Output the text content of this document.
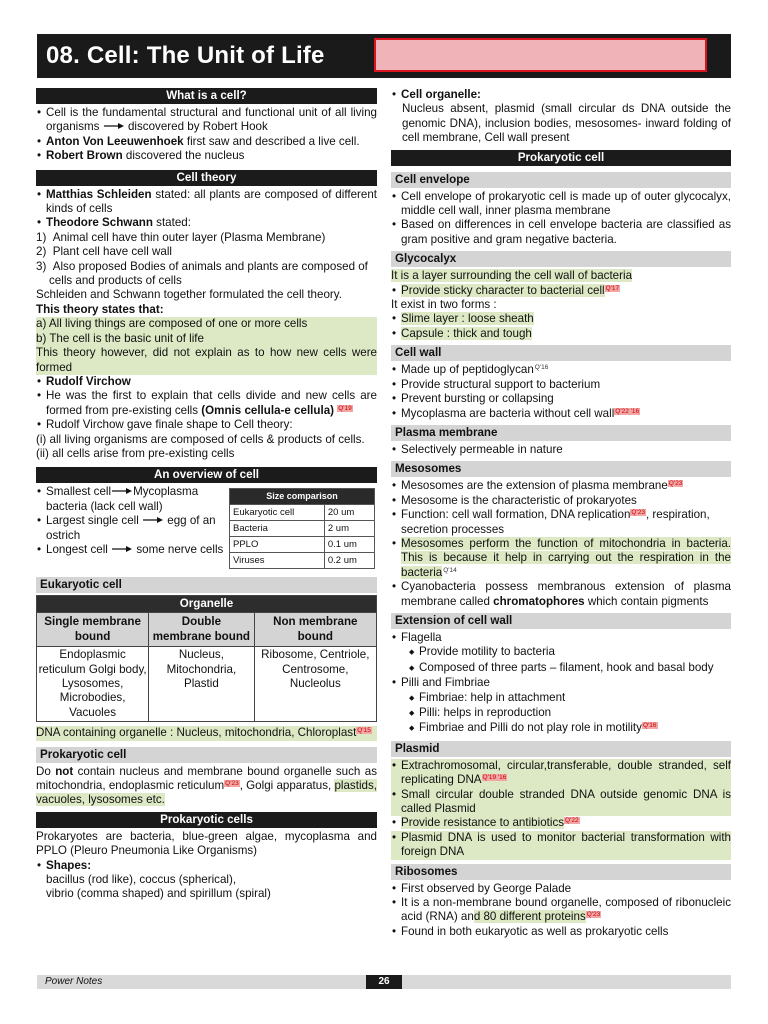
08. Cell: The Unit of Life
What is a cell?

• Cell is the fundamental structural and functional unit of all living organisms discovered by Robert Hook

• Anton Von Leeuwenhoek first saw and described a live cell.

• Robert Brown discovered the nucleus

Cell theory

• Matthias Schleiden stated: all plants are composed of different kinds of cells

• Theodore Schwann stated:

1)  Animal cell have thin outer layer (Plasma Membrane)

2)  Plant cell have cell wall

3)  Also proposed Bodies of animals and plants are composed of cells and products of cells

Schleiden and Schwann together formulated the cell theory.

This theory states that:

a) All living things are composed of one or more cells

b) The cell is the basic unit of life

This theory however, did not explain as to how new cells were formed

• Rudolf Virchow

• He was the first to explain that cells divide and new cells are formed from pre-existing cells (Omnis cellula-e cellula) $^{Q'19}$

• Rudolf Virchow gave finale shape to Cell theory:

(i) all living organisms are composed of cells & products of cells.

(ii) all cells arise from pre-existing cells

An overview of cell

• Smallest cell Mycoplasma bacteria (lack cell wall)

• Largest single cell egg of an ostrich

• Longest cell some nerve cells

Size comparison	
Eukaryotic cell	20 um
Bacteria	2 um
PPLO	0.1 um
Viruses	0.2 um
Eukaryotic cell
Organelle		
Single membrane bound	Double membrane bound	Non membrane bound
Endoplasmic reticulum Golgi body, Lysosomes, Microbodies, Vacuoles	Nucleus, Mitochondria, Plastid	Ribosome, Centriole, Centrosome, Nucleolus

DNA containing organelle : Nucleus, mitochondria, Chloroplast$^{Q'15}$

Prokaryotic cell

Do not contain nucleus and membrane bound organelle such as mitochondria, endoplasmic reticulum$^{Q'23}$, Golgi apparatus, plastids, vacuoles, lysosomes etc.

Prokaryotic cells

Prokaryotes are bacteria, blue-green algae, mycoplasma and PPLO (Pleuro Pneumonia Like Organisms)

• Shapes:

bacillus (rod like), coccus (spherical),

vibrio (comma shaped) and spirillum (spiral)

• Cell organelle:

Nucleus absent, plasmid (small circular ds DNA outside the genomic DNA), inclusion bodies, mesosomes- inward folding of cell membrane, Cell wall present

Prokaryotic cell
Cell envelope

• Cell envelope of prokaryotic cell is made up of outer glycocalyx, middle cell wall, inner plasma membrane

• Based on differences in cell envelope bacteria are classified as gram positive and gram negative bacteria.

Glycocalyx

It is a layer surrounding the cell wall of bacteria

• Provide sticky character to bacterial cell$^{Q'17}$

It exist in two forms :

• Slime layer : loose sheath

• Capsule : thick and tough

Cell wall

• Made up of peptidoglycan$^{Q'16}$

• Provide structural support to bacterium

• Prevent bursting or collapsing

• Mycoplasma are bacteria without cell wall$^{Q'22 '16}$

Plasma membrane

• Selectively permeable in nature

Mesosomes

• Mesosomes are the extension of plasma membrane$^{Q'23}$

• Mesosome is the characteristic of prokaryotes

• Function: cell wall formation, DNA replication$^{Q'23}$, respiration, secretion processes

• Mesosomes perform the function of mitochondria in bacteria. This is because it help in carrying out the respiration in the bacteria$^{Q'14}$

• Cyanobacteria possess membranous extension of plasma membrane called chromatophores which contain pigments

Extension of cell wall

• Flagella

◆ Provide motility to bacteria

◆ Composed of three parts – filament, hook and basal body

• Pilli and Fimbriae

◆ Fimbriae: help in attachment

◆ Pilli: helps in reproduction

◆ Fimbriae and Pilli do not play role in motility$^{Q'16}$

Plasmid

• Extrachromosomal, circular,transferable, double stranded, self replicating DNA$^{Q'19 '16}$

• Small circular double stranded DNA outside genomic DNA is called Plasmid

• Provide resistance to antibiotics$^{Q'22}$

• Plasmid DNA is used to monitor bacterial transformation with foreign DNA

Ribosomes

• First observed by George Palade

• It is a non-membrane bound organelle, composed of ribonucleic acid (RNA) and 80 different proteins$^{Q'23}$

• Found in both eukaryotic as well as prokaryotic cells

Power Notes	26
